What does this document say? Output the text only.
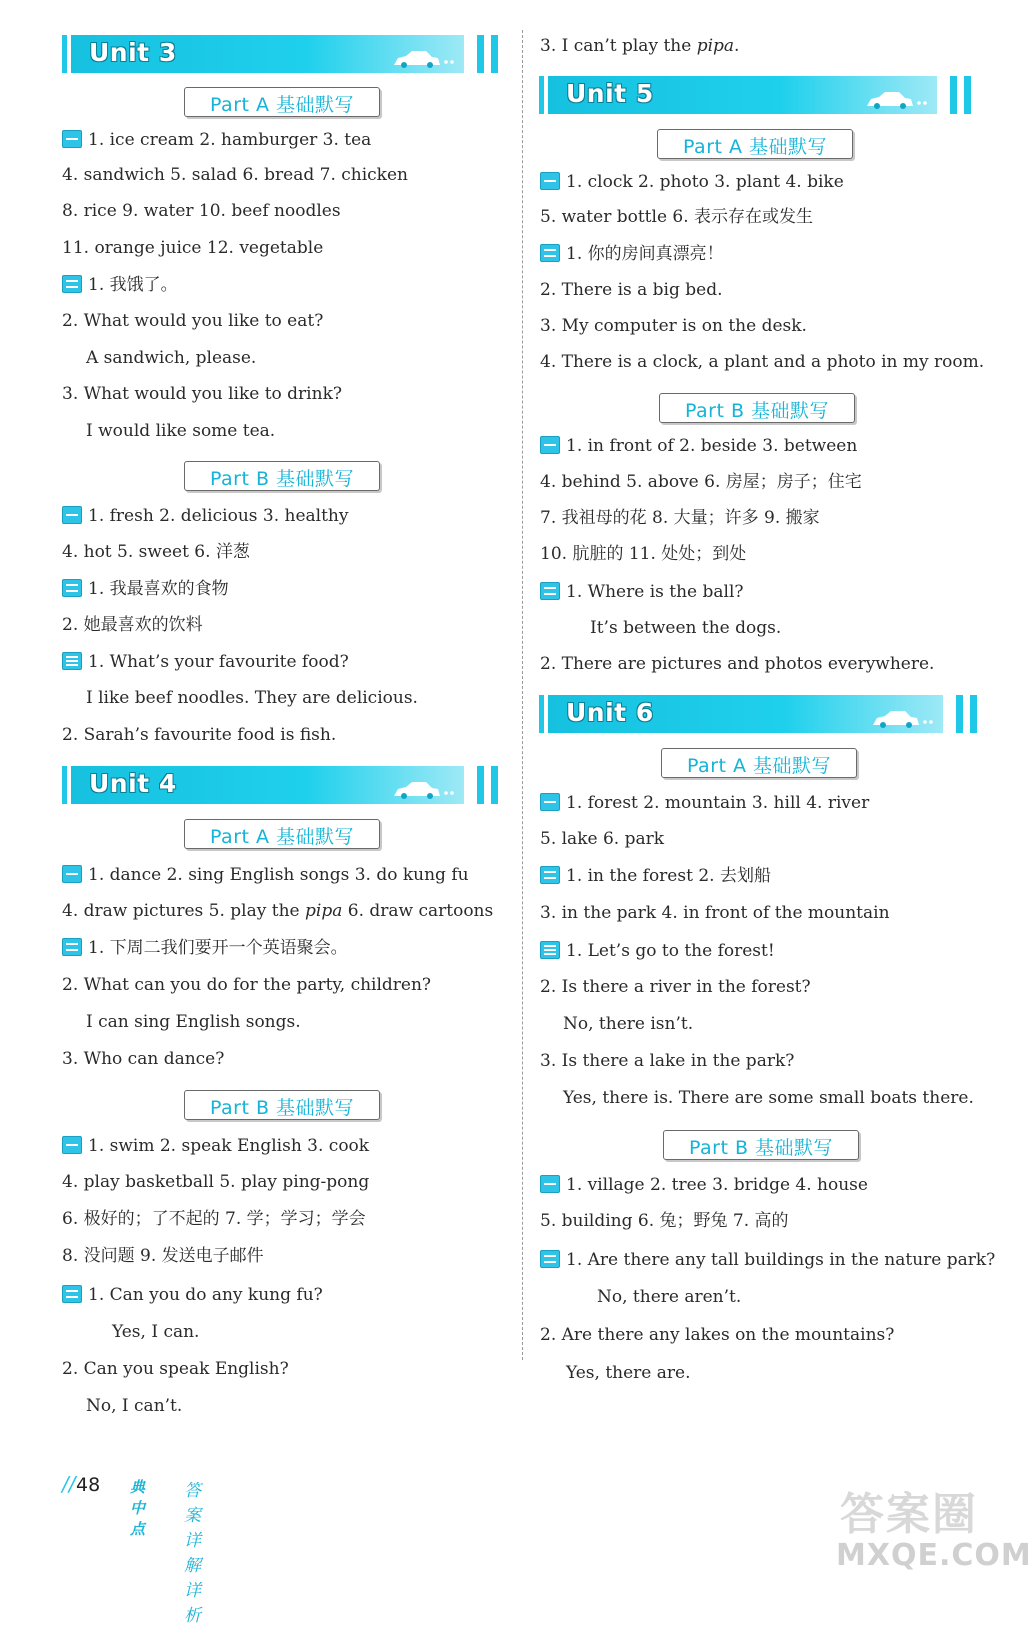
Unit 3
Part A 基础默写
1. ice cream 2. hamburger 3. tea
4. sandwich 5. salad 6. bread 7. chicken
8. rice 9. water 10. beef noodles
11. orange juice 12. vegetable
1. 我饿了。
2. What would you like to eat?
A sandwich, please.
3. What would you like to drink?
I would like some tea.
Part B 基础默写
1. fresh 2. delicious 3. healthy
4. hot 5. sweet 6. 洋葱
1. 我最喜欢的食物
2. 她最喜欢的饮料
1. What’s your favourite food?
I like beef noodles. They are delicious.
2. Sarah’s favourite food is fish.
Unit 4
Part A 基础默写
1. dance 2. sing English songs 3. do kung fu
4. draw pictures 5. play the pipa 6. draw cartoons
1. 下周二我们要开一个英语聚会。
2. What can you do for the party, children?
I can sing English songs.
3. Who can dance?
Part B 基础默写
1. swim 2. speak English 3. cook
4. play basketball 5. play ping-pong
6. 极好的；了不起的 7. 学；学习；学会
8. 没问题 9. 发送电子邮件
1. Can you do any kung fu?
Yes, I can.
2. Can you speak English?
No, I can’t.
3. I can’t play the pipa.
Unit 5
Part A 基础默写
1. clock 2. photo 3. plant 4. bike
5. water bottle 6. 表示存在或发生
1. 你的房间真漂亮！
2. There is a big bed.
3. My computer is on the desk.
4. There is a clock, a plant and a photo in my room.
Part B 基础默写
1. in front of 2. beside 3. between
4. behind 5. above 6. 房屋；房子；住宅
7. 我祖母的花 8. 大量；许多 9. 搬家
10. 肮脏的 11. 处处；到处
1. Where is the ball?
It’s between the dogs.
2. There are pictures and photos everywhere.
Unit 6
Part A 基础默写
1. forest 2. mountain 3. hill 4. river
5. lake 6. park
1. in the forest 2. 去划船
3. in the park 4. in front of the mountain
1. Let’s go to the forest!
2. Is there a river in the forest?
No, there isn’t.
3. Is there a lake in the park?
Yes, there is. There are some small boats there.
Part B 基础默写
1. village 2. tree 3. bridge 4. house
5. building 6. 兔；野兔 7. 高的
1. Are there any tall buildings in the nature park?
No, there aren’t.
2. Are there any lakes on the mountains?
Yes, there are.
// 48 典中点
答案详解详析
答案圈
MXQE.COM
